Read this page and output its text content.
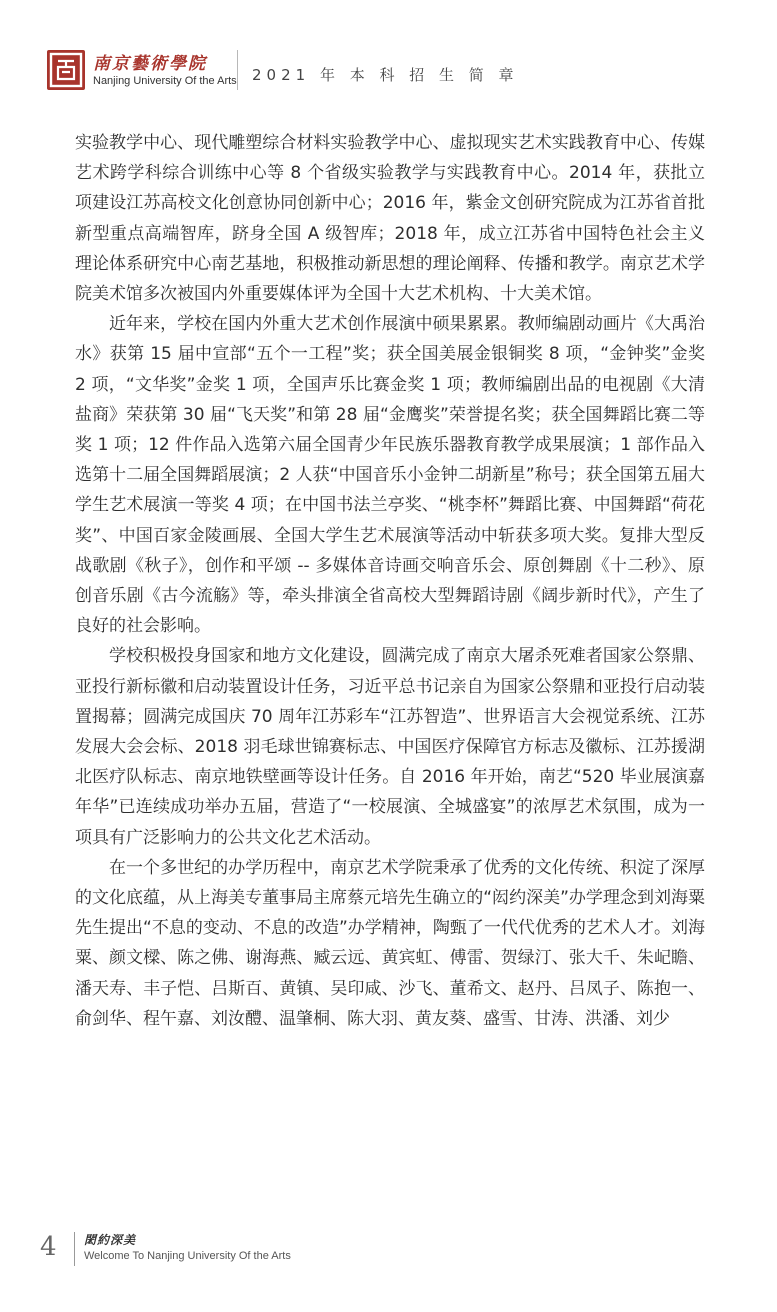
南京藝術學院
Nanjing University Of the Arts 2021 年 本 科 招 生 简 章

实验教学中心、现代雕塑综合材料实验教学中心、虚拟现实艺术实践教育中心、传媒艺术跨学科综合训练中心等 8 个省级实验教学与实践教育中心。2014 年，获批立项建设江苏高校文化创意协同创新中心；2016 年，紫金文创研究院成为江苏省首批新型重点高端智库，跻身全国 A 级智库；2018 年，成立江苏省中国特色社会主义理论体系研究中心南艺基地，积极推动新思想的理论阐释、传播和教学。南京艺术学院美术馆多次被国内外重要媒体评为全国十大艺术机构、十大美术馆。

近年来，学校在国内外重大艺术创作展演中硕果累累。教师编剧动画片《大禹治水》获第 15 届中宣部“五个一工程”奖；获全国美展金银铜奖 8 项，“金钟奖”金奖 2 项，“文华奖”金奖 1 项，全国声乐比赛金奖 1 项；教师编剧出品的电视剧《大清盐商》荣获第 30 届“飞天奖”和第 28 届“金鹰奖”荣誉提名奖；获全国舞蹈比赛二等奖 1 项；12 件作品入选第六届全国青少年民族乐器教育教学成果展演；1 部作品入选第十二届全国舞蹈展演；2 人获“中国音乐小金钟二胡新星”称号；获全国第五届大学生艺术展演一等奖 4 项；在中国书法兰亭奖、“桃李杯”舞蹈比赛、中国舞蹈“荷花奖”、中国百家金陵画展、全国大学生艺术展演等活动中斩获多项大奖。复排大型反战歌剧《秋子》，创作和平颂 -- 多媒体音诗画交响音乐会、原创舞剧《十二秒》、原创音乐剧《古今流觞》等，牵头排演全省高校大型舞蹈诗剧《阔步新时代》，产生了良好的社会影响。

学校积极投身国家和地方文化建设，圆满完成了南京大屠杀死难者国家公祭鼎、亚投行新标徽和启动装置设计任务，习近平总书记亲自为国家公祭鼎和亚投行启动装置揭幕；圆满完成国庆 70 周年江苏彩车“江苏智造”、世界语言大会视觉系统、江苏发展大会会标、2018 羽毛球世锦赛标志、中国医疗保障官方标志及徽标、江苏援湖北医疗队标志、南京地铁壁画等设计任务。自 2016 年开始，南艺“520 毕业展演嘉年华”已连续成功举办五届，营造了“一校展演、全城盛宴”的浓厚艺术氛围，成为一项具有广泛影响力的公共文化艺术活动。

在一个多世纪的办学历程中，南京艺术学院秉承了优秀的文化传统、积淀了深厚的文化底蕴，从上海美专董事局主席蔡元培先生确立的“闳约深美”办学理念到刘海粟先生提出“不息的变动、不息的改造”办学精神，陶甄了一代代优秀的艺术人才。刘海粟、颜文樑、陈之佛、谢海燕、臧云远、黄宾虹、傅雷、贺绿汀、张大千、朱屺瞻、潘天寿、丰子恺、吕斯百、黄镇、吴印咸、沙飞、董希文、赵丹、吕凤子、陈抱一、俞剑华、程午嘉、刘汝醴、温肇桐、陈大羽、黄友葵、盛雪、甘涛、洪潘、刘少

4 閎約深美
Welcome To Nanjing University Of the Arts
